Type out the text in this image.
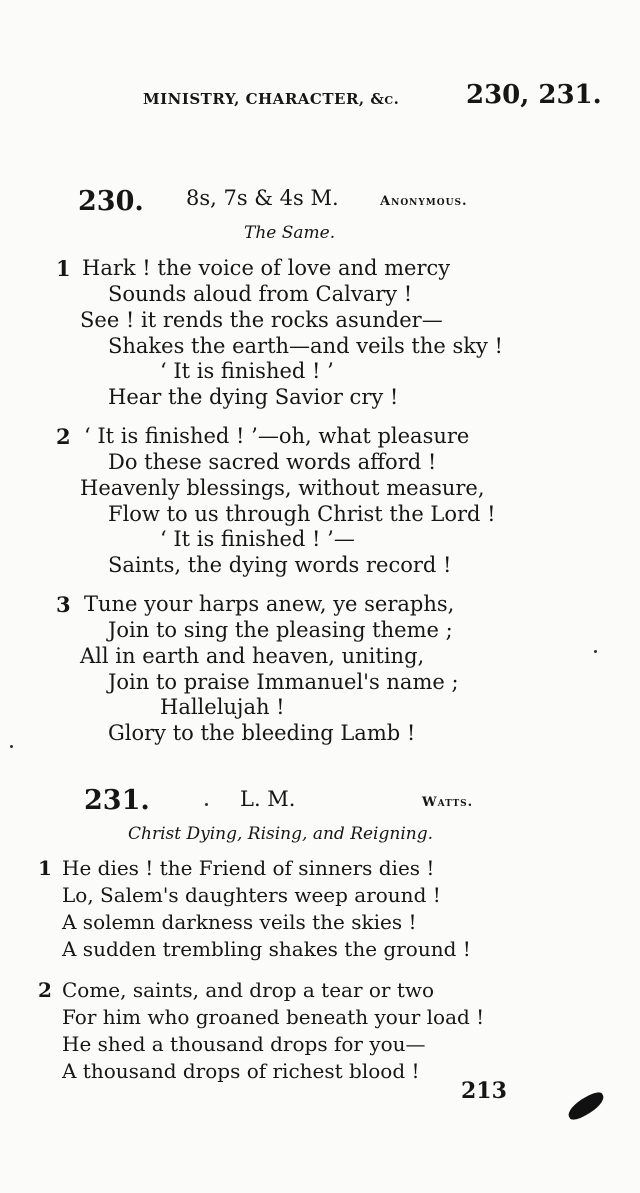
MINISTRY, CHARACTER, &c.	230, 231.
230. 8s, 7s & 4s M.	Anonymous.
The Same.
1 Hark ! the voice of love and mercy
Sounds aloud from Calvary !
See ! it rends the rocks asunder—
Shakes the earth—and veils the sky !
‘ It is finished ! ’
Hear the dying Savior cry !
2 ‘ It is finished ! ’—oh, what pleasure
Do these sacred words afford !
Heavenly blessings, without measure,
Flow to us through Christ the Lord !
‘ It is finished ! ’—
Saints, the dying words record !
3 Tune your harps anew, ye seraphs,
Join to sing the pleasing theme ;
All in earth and heaven, uniting,
Join to praise Immanuel's name ;
Hallelujah !
Glory to the bleeding Lamb !
231.	L. M.	Watts.
Christ Dying, Rising, and Reigning.
1 He dies ! the Friend of sinners dies !
Lo, Salem's daughters weep around !
A solemn darkness veils the skies !
A sudden trembling shakes the ground !
2 Come, saints, and drop a tear or two
For him who groaned beneath your load !
He shed a thousand drops for you—
A thousand drops of richest blood !
213
